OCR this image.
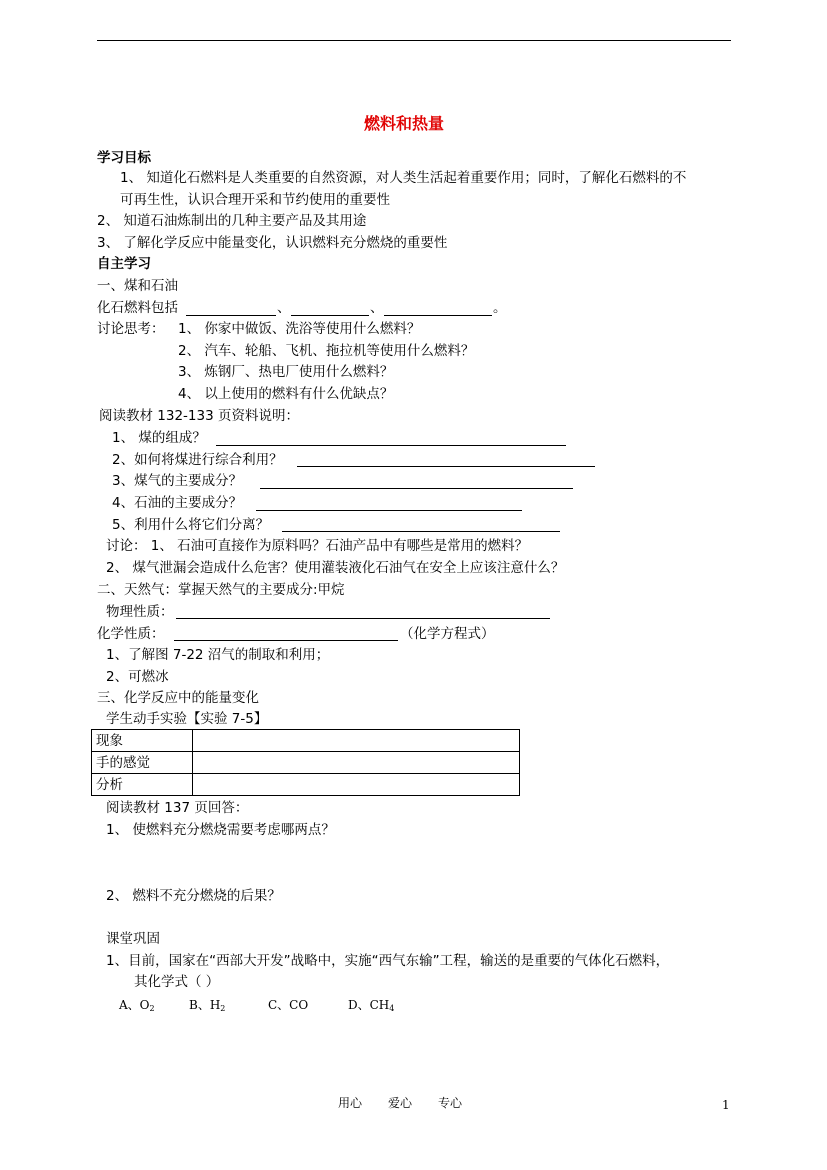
燃料和热量
学习目标
1、 知道化石燃料是人类重要的自然资源，对人类生活起着重要作用；同时，了解化石燃料的不
可再生性，认识合理开采和节约使用的重要性
2、 知道石油炼制出的几种主要产品及其用途
3、 了解化学反应中能量变化，认识燃料充分燃烧的重要性
自主学习
一、煤和石油
化石燃料包括	、	、	。
讨论思考： 1、 你家中做饭、洗浴等使用什么燃料？
2、 汽车、轮船、飞机、拖拉机等使用什么燃料？
3、 炼钢厂、热电厂使用什么燃料？
4、 以上使用的燃料有什么优缺点？
阅读教材 132-133 页资料说明：
1、 煤的组成？
2、如何将煤进行综合利用？
3、煤气的主要成分？
4、石油的主要成分？
5、利用什么将它们分离？
讨论： 1、 石油可直接作为原料吗？石油产品中有哪些是常用的燃料？
2、 煤气泄漏会造成什么危害？使用灌装液化石油气在安全上应该注意什么？
二、天然气：掌握天然气的主要成分:甲烷
物理性质：
化学性质：	（化学方程式）
1、了解图 7-22 沼气的制取和利用；
2、可燃冰
三、化学反应中的能量变化
学生动手实验【实验 7-5】
现象	
手的感觉	
分析	
阅读教材 137 页回答：
1、 使燃料充分燃烧需要考虑哪两点？
2、 燃料不充分燃烧的后果？
课堂巩固
1、目前，国家在“西部大开发”战略中，实施“西气东输”工程，输送的是重要的气体化石燃料，
其化学式（ ）
A、$O_2$	B、$H_2$	C、CO	D、$CH_4$
用心 爱心 专心	1
